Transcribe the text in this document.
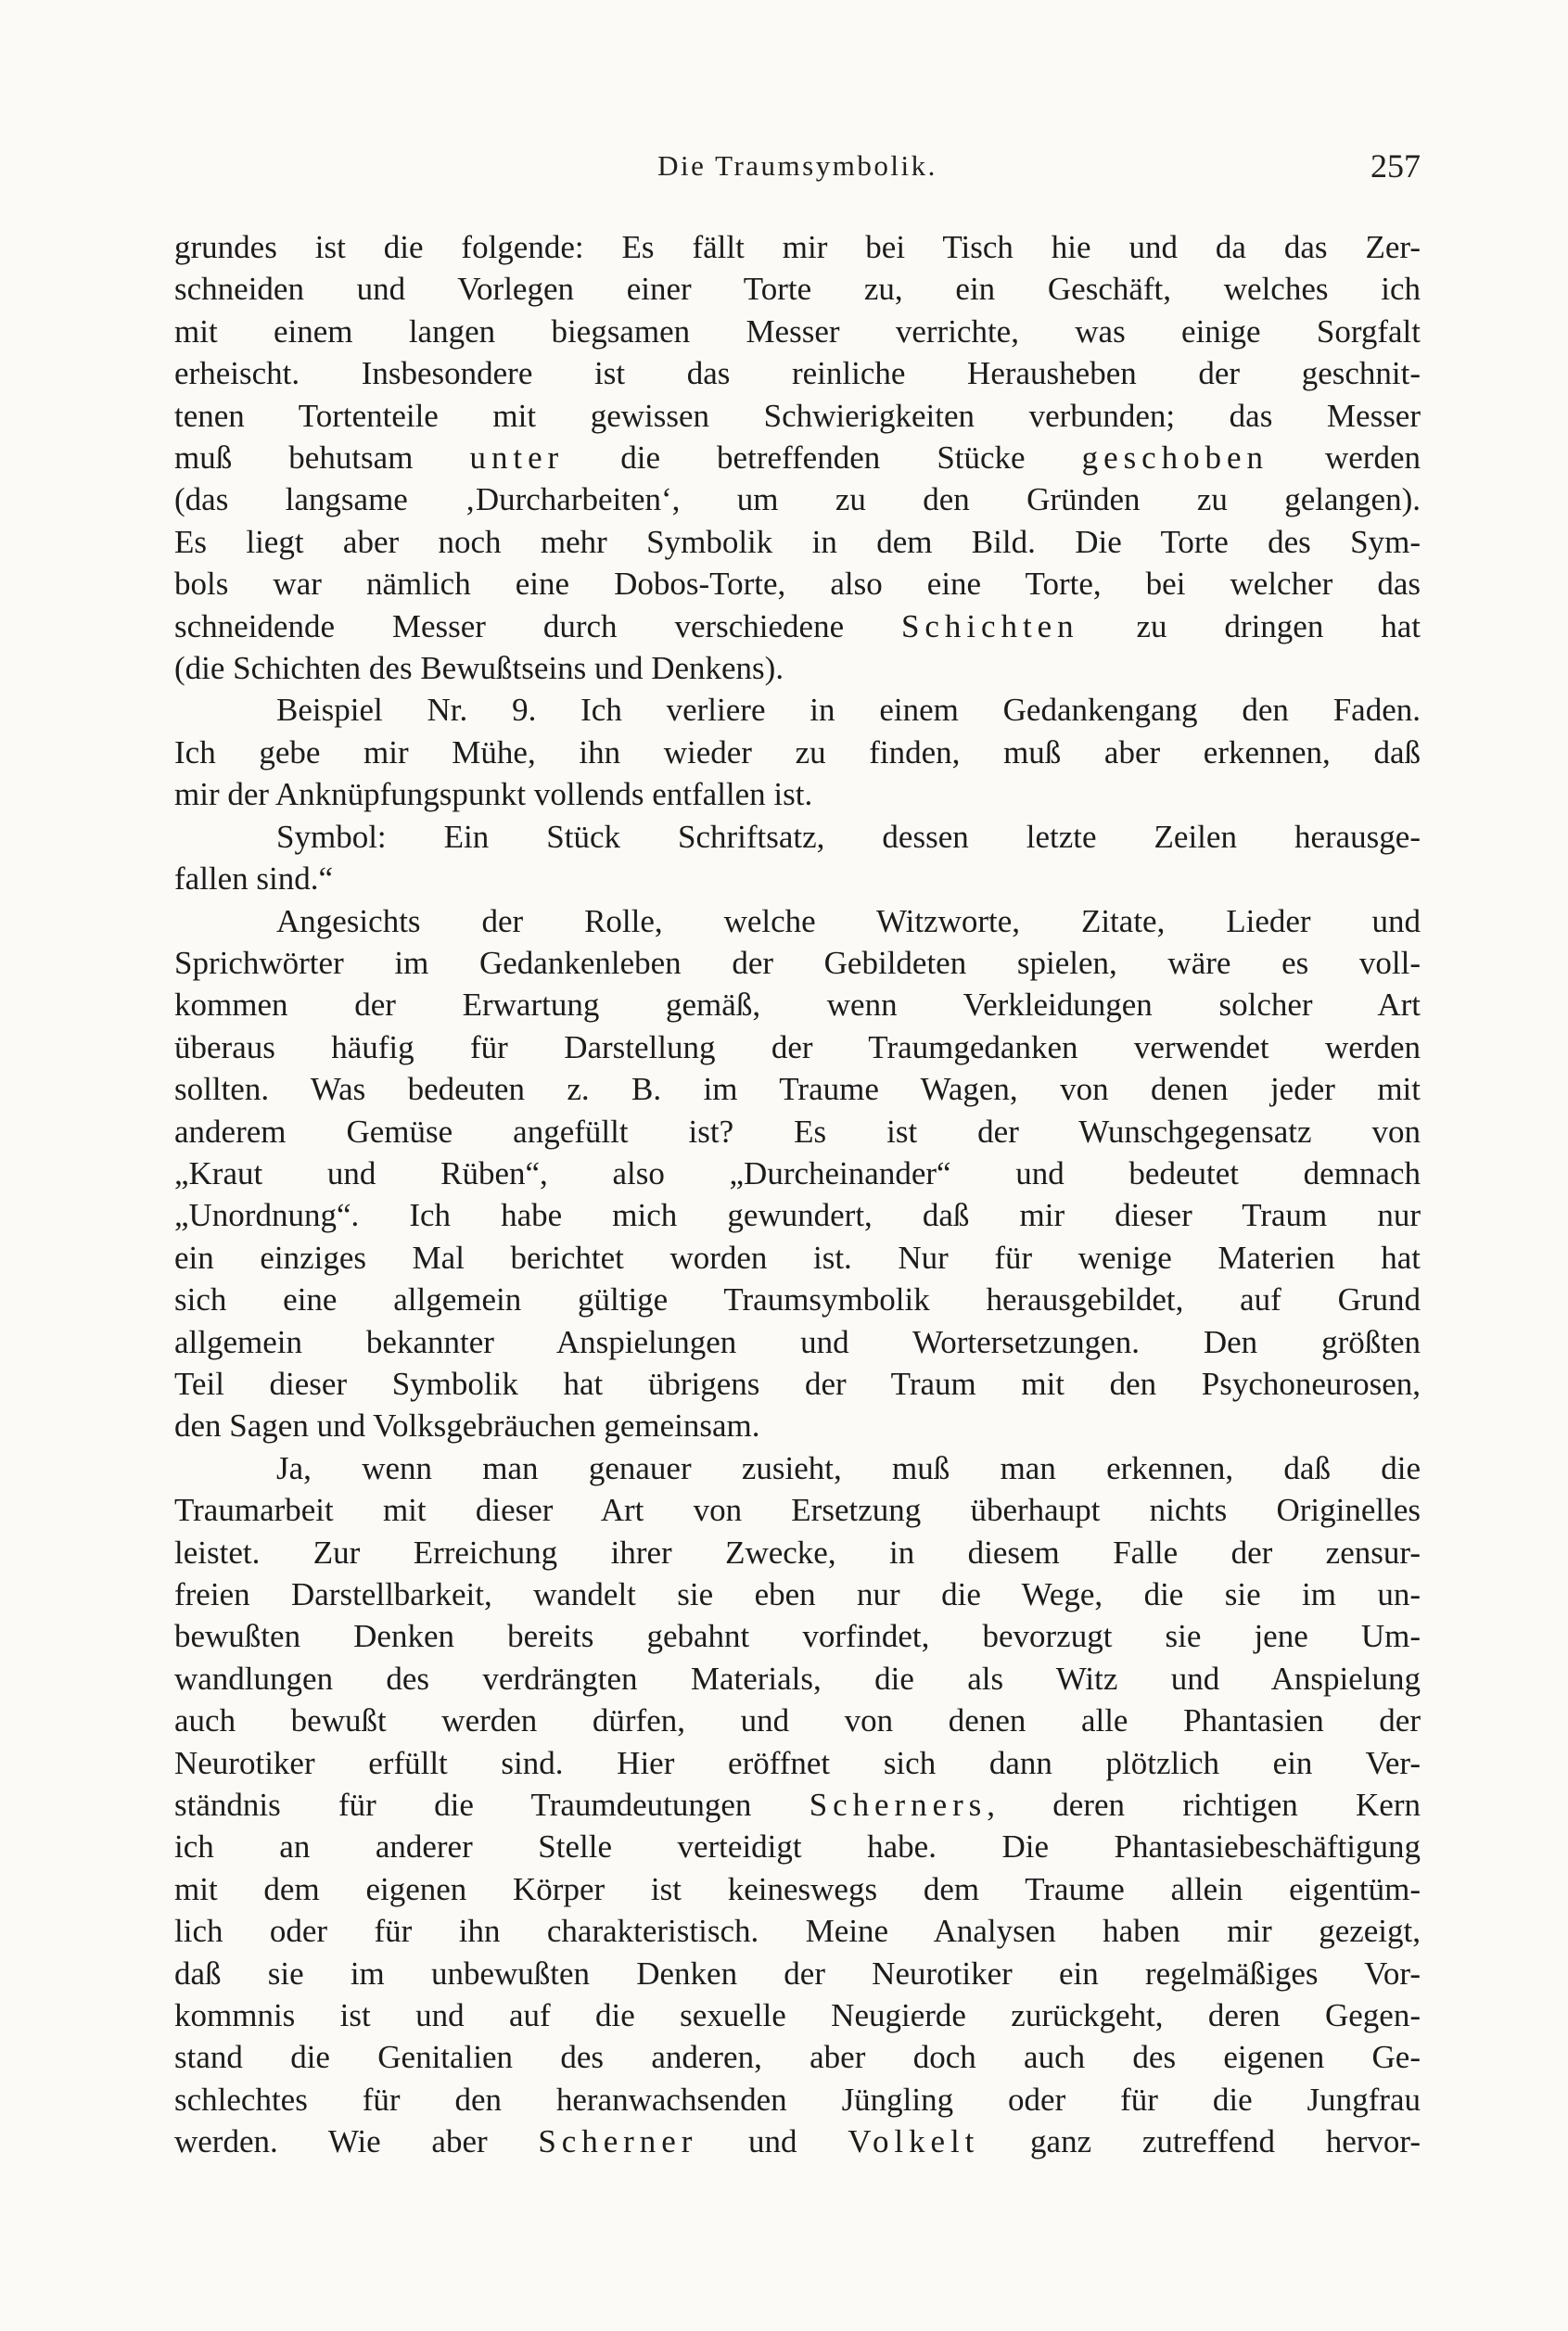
Die Traumsymbolik.	257
grundes ist die folgende: Es fällt mir bei Tisch hie und da das Zer-
schneiden und Vorlegen einer Torte zu, ein Geschäft, welches ich
mit einem langen biegsamen Messer verrichte, was einige Sorgfalt
erheischt. Insbesondere ist das reinliche Herausheben der geschnit-
tenen Tortenteile mit gewissen Schwierigkeiten verbunden; das Messer
muß behutsam unter die betreffenden Stücke geschoben werden
(das langsame ‚Durcharbeiten‘, um zu den Gründen zu gelangen).
Es liegt aber noch mehr Symbolik in dem Bild. Die Torte des Sym-
bols war nämlich eine Dobos-Torte, also eine Torte, bei welcher das
schneidende Messer durch verschiedene Schichten zu dringen hat
(die Schichten des Bewußtseins und Denkens).
Beispiel Nr. 9. Ich verliere in einem Gedankengang den Faden.
Ich gebe mir Mühe, ihn wieder zu finden, muß aber erkennen, daß
mir der Anknüpfungspunkt vollends entfallen ist.
Symbol: Ein Stück Schriftsatz, dessen letzte Zeilen herausge-
fallen sind.“
Angesichts der Rolle, welche Witzworte, Zitate, Lieder und
Sprichwörter im Gedankenleben der Gebildeten spielen, wäre es voll-
kommen der Erwartung gemäß, wenn Verkleidungen solcher Art
überaus häufig für Darstellung der Traumgedanken verwendet werden
sollten. Was bedeuten z. B. im Traume Wagen, von denen jeder mit
anderem Gemüse angefüllt ist? Es ist der Wunschgegensatz von
„Kraut und Rüben“, also „Durcheinander“ und bedeutet demnach
„Unordnung“. Ich habe mich gewundert, daß mir dieser Traum nur
ein einziges Mal berichtet worden ist. Nur für wenige Materien hat
sich eine allgemein gültige Traumsymbolik herausgebildet, auf Grund
allgemein bekannter Anspielungen und Wortersetzungen. Den größten
Teil dieser Symbolik hat übrigens der Traum mit den Psychoneurosen,
den Sagen und Volksgebräuchen gemeinsam.
Ja, wenn man genauer zusieht, muß man erkennen, daß die
Traumarbeit mit dieser Art von Ersetzung überhaupt nichts Originelles
leistet. Zur Erreichung ihrer Zwecke, in diesem Falle der zensur-
freien Darstellbarkeit, wandelt sie eben nur die Wege, die sie im un-
bewußten Denken bereits gebahnt vorfindet, bevorzugt sie jene Um-
wandlungen des verdrängten Materials, die als Witz und Anspielung
auch bewußt werden dürfen, und von denen alle Phantasien der
Neurotiker erfüllt sind. Hier eröffnet sich dann plötzlich ein Ver-
ständnis für die Traumdeutungen Scherners, deren richtigen Kern
ich an anderer Stelle verteidigt habe. Die Phantasiebeschäftigung
mit dem eigenen Körper ist keineswegs dem Traume allein eigentüm-
lich oder für ihn charakteristisch. Meine Analysen haben mir gezeigt,
daß sie im unbewußten Denken der Neurotiker ein regelmäßiges Vor-
kommnis ist und auf die sexuelle Neugierde zurückgeht, deren Gegen-
stand die Genitalien des anderen, aber doch auch des eigenen Ge-
schlechtes für den heranwachsenden Jüngling oder für die Jungfrau
werden. Wie aber Scherner und Volkelt ganz zutreffend hervor-
